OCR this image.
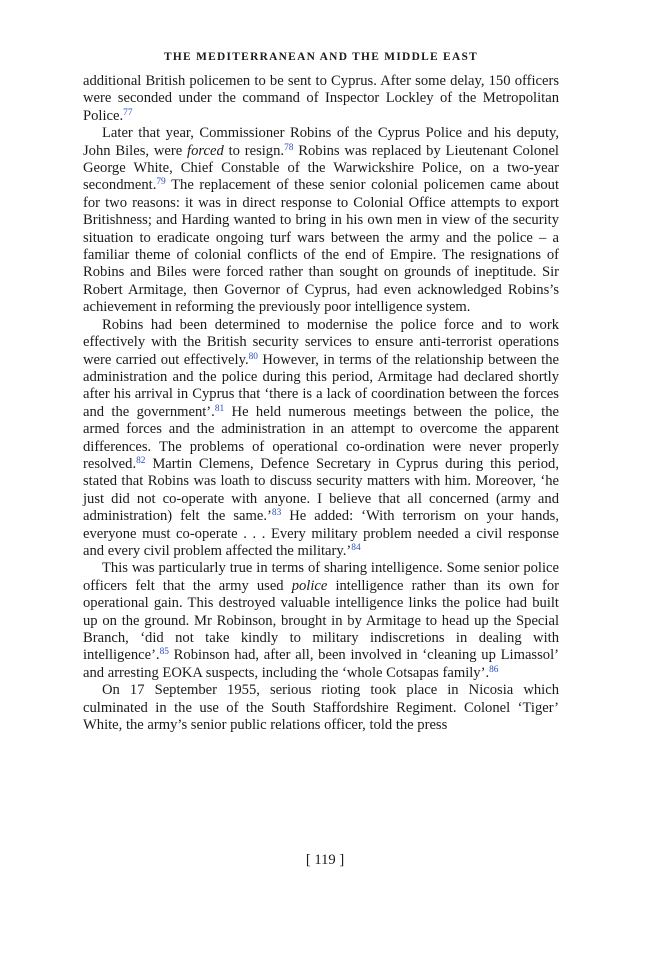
THE MEDITERRANEAN AND THE MIDDLE EAST

additional British policemen to be sent to Cyprus. After some delay, 150 officers were seconded under the command of Inspector Lockley of the Metropolitan Police.$^{77}$

Later that year, Commissioner Robins of the Cyprus Police and his deputy, John Biles, were forced to resign.$^{78}$ Robins was replaced by Lieutenant Colonel George White, Chief Constable of the Warwickshire Police, on a two-year secondment.$^{79}$ The replacement of these senior colonial policemen came about for two reasons: it was in direct response to Colonial Office attempts to export Britishness; and Harding wanted to bring in his own men in view of the security situation to eradicate ongoing turf wars between the army and the police – a familiar theme of colonial conflicts of the end of Empire. The resignations of Robins and Biles were forced rather than sought on grounds of ineptitude. Sir Robert Armitage, then Governor of Cyprus, had even acknowledged Robins’s achievement in reforming the previously poor intelligence system.

Robins had been determined to modernise the police force and to work effectively with the British security services to ensure anti-terrorist operations were carried out effectively.$^{80}$ However, in terms of the relationship between the administration and the police during this period, Armitage had declared shortly after his arrival in Cyprus that ‘there is a lack of coordination between the forces and the government’.$^{81}$ He held numerous meetings between the police, the armed forces and the administration in an attempt to overcome the apparent differences. The problems of operational co-ordination were never properly resolved.$^{82}$ Martin Clemens, Defence Secretary in Cyprus during this period, stated that Robins was loath to discuss security matters with him. Moreover, ‘he just did not co-operate with anyone. I believe that all concerned (army and administration) felt the same.’$^{83}$ He added: ‘With terrorism on your hands, everyone must co-operate . . . Every military problem needed a civil response and every civil problem affected the military.’$^{84}$

This was particularly true in terms of sharing intelligence. Some senior police officers felt that the army used police intelligence rather than its own for operational gain. This destroyed valuable intelligence links the police had built up on the ground. Mr Robinson, brought in by Armitage to head up the Special Branch, ‘did not take kindly to military indiscretions in dealing with intelligence’.$^{85}$ Robinson had, after all, been involved in ‘cleaning up Limassol’ and arresting EOKA suspects, including the ‘whole Cotsapas family’.$^{86}$

On 17 September 1955, serious rioting took place in Nicosia which culminated in the use of the South Staffordshire Regiment. Colonel ‘Tiger’ White, the army’s senior public relations officer, told the press

[ 119 ]
